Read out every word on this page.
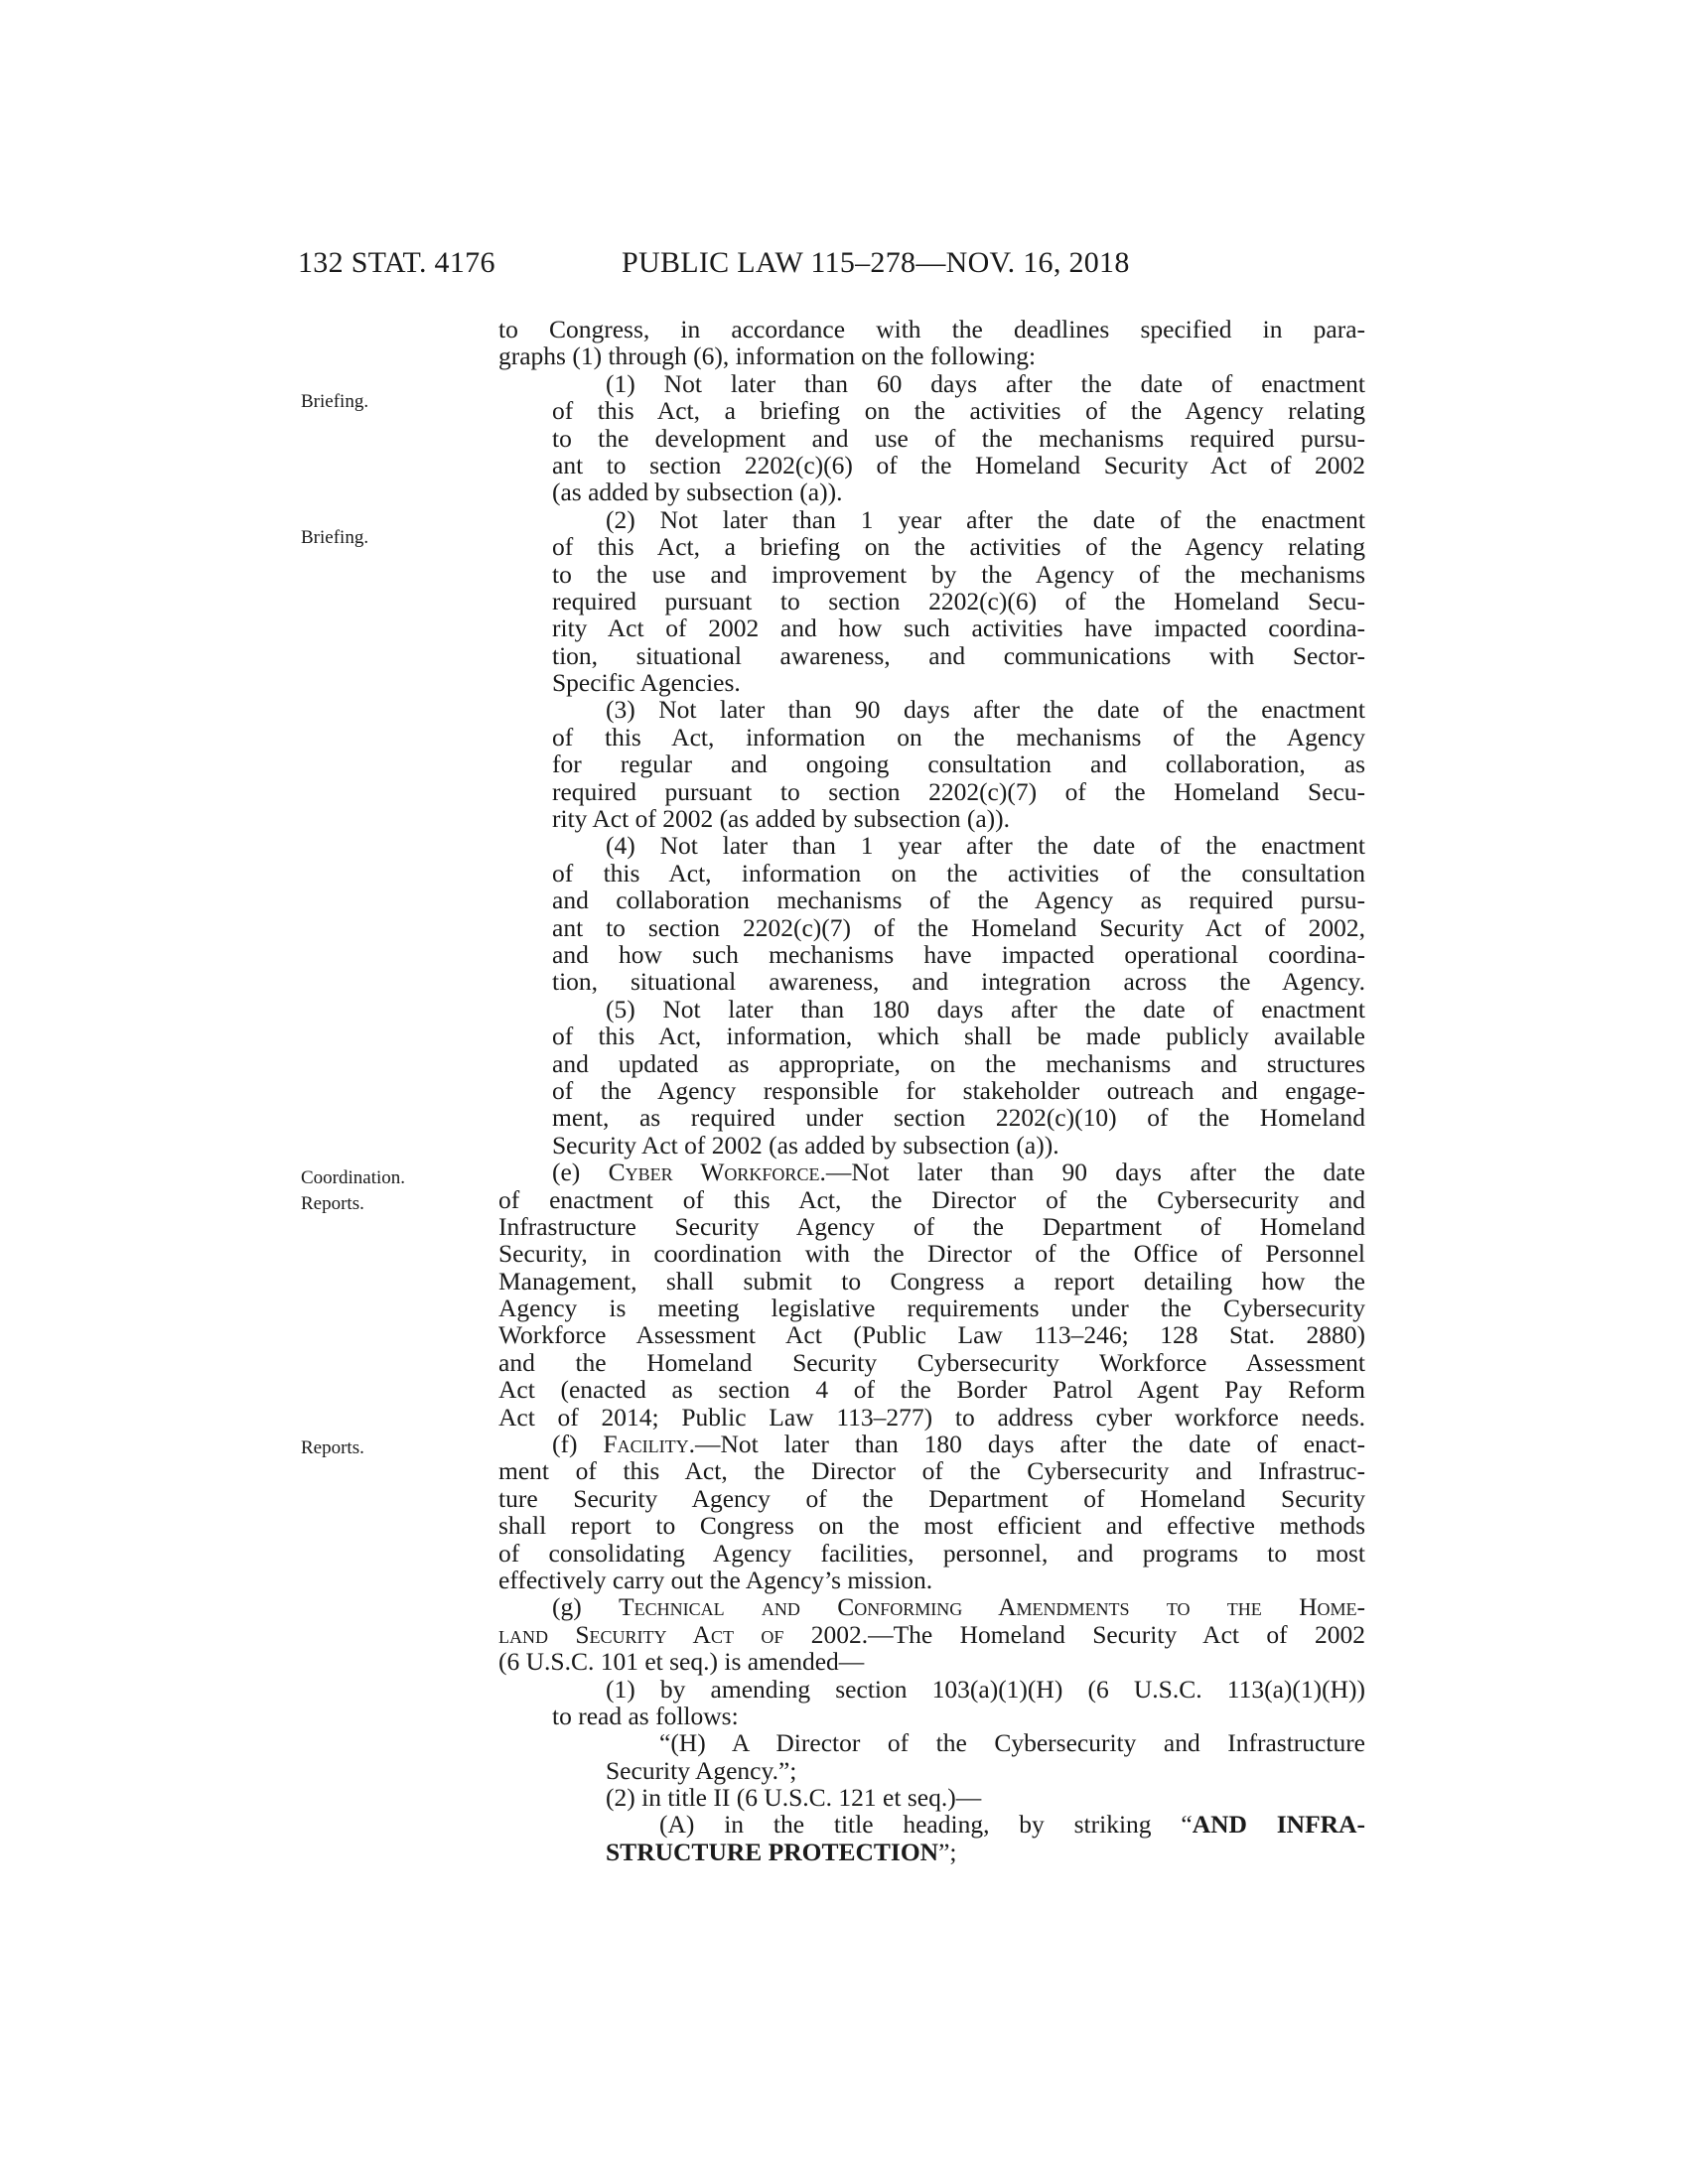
132 STAT. 4176	PUBLIC LAW 115–278—NOV. 16, 2018
Briefing.
Briefing.
Coordination.
Reports.
Reports.
to Congress, in accordance with the deadlines specified in para-
graphs (1) through (6), information on the following:
(1) Not later than 60 days after the date of enactment
of this Act, a briefing on the activities of the Agency relating
to the development and use of the mechanisms required pursu-
ant to section 2202(c)(6) of the Homeland Security Act of 2002
(as added by subsection (a)).
(2) Not later than 1 year after the date of the enactment
of this Act, a briefing on the activities of the Agency relating
to the use and improvement by the Agency of the mechanisms
required pursuant to section 2202(c)(6) of the Homeland Secu-
rity Act of 2002 and how such activities have impacted coordina-
tion, situational awareness, and communications with Sector-
Specific Agencies.
(3) Not later than 90 days after the date of the enactment
of this Act, information on the mechanisms of the Agency
for regular and ongoing consultation and collaboration, as
required pursuant to section 2202(c)(7) of the Homeland Secu-
rity Act of 2002 (as added by subsection (a)).
(4) Not later than 1 year after the date of the enactment
of this Act, information on the activities of the consultation
and collaboration mechanisms of the Agency as required pursu-
ant to section 2202(c)(7) of the Homeland Security Act of 2002,
and how such mechanisms have impacted operational coordina-
tion, situational awareness, and integration across the Agency.
(5) Not later than 180 days after the date of enactment
of this Act, information, which shall be made publicly available
and updated as appropriate, on the mechanisms and structures
of the Agency responsible for stakeholder outreach and engage-
ment, as required under section 2202(c)(10) of the Homeland
Security Act of 2002 (as added by subsection (a)).
(e) Cyber Workforce.—Not later than 90 days after the date
of enactment of this Act, the Director of the Cybersecurity and
Infrastructure Security Agency of the Department of Homeland
Security, in coordination with the Director of the Office of Personnel
Management, shall submit to Congress a report detailing how the
Agency is meeting legislative requirements under the Cybersecurity
Workforce Assessment Act (Public Law 113–246; 128 Stat. 2880)
and the Homeland Security Cybersecurity Workforce Assessment
Act (enacted as section 4 of the Border Patrol Agent Pay Reform
Act of 2014; Public Law 113–277) to address cyber workforce needs.
(f) Facility.—Not later than 180 days after the date of enact-
ment of this Act, the Director of the Cybersecurity and Infrastruc-
ture Security Agency of the Department of Homeland Security
shall report to Congress on the most efficient and effective methods
of consolidating Agency facilities, personnel, and programs to most
effectively carry out the Agency’s mission.
(g) Technical and Conforming Amendments to the Home-
land Security Act of 2002.—The Homeland Security Act of 2002
(6 U.S.C. 101 et seq.) is amended—
(1) by amending section 103(a)(1)(H) (6 U.S.C. 113(a)(1)(H))
to read as follows:
“(H) A Director of the Cybersecurity and Infrastructure
Security Agency.”;
(2) in title II (6 U.S.C. 121 et seq.)—
(A) in the title heading, by striking “AND INFRA-
STRUCTURE PROTECTION”;
